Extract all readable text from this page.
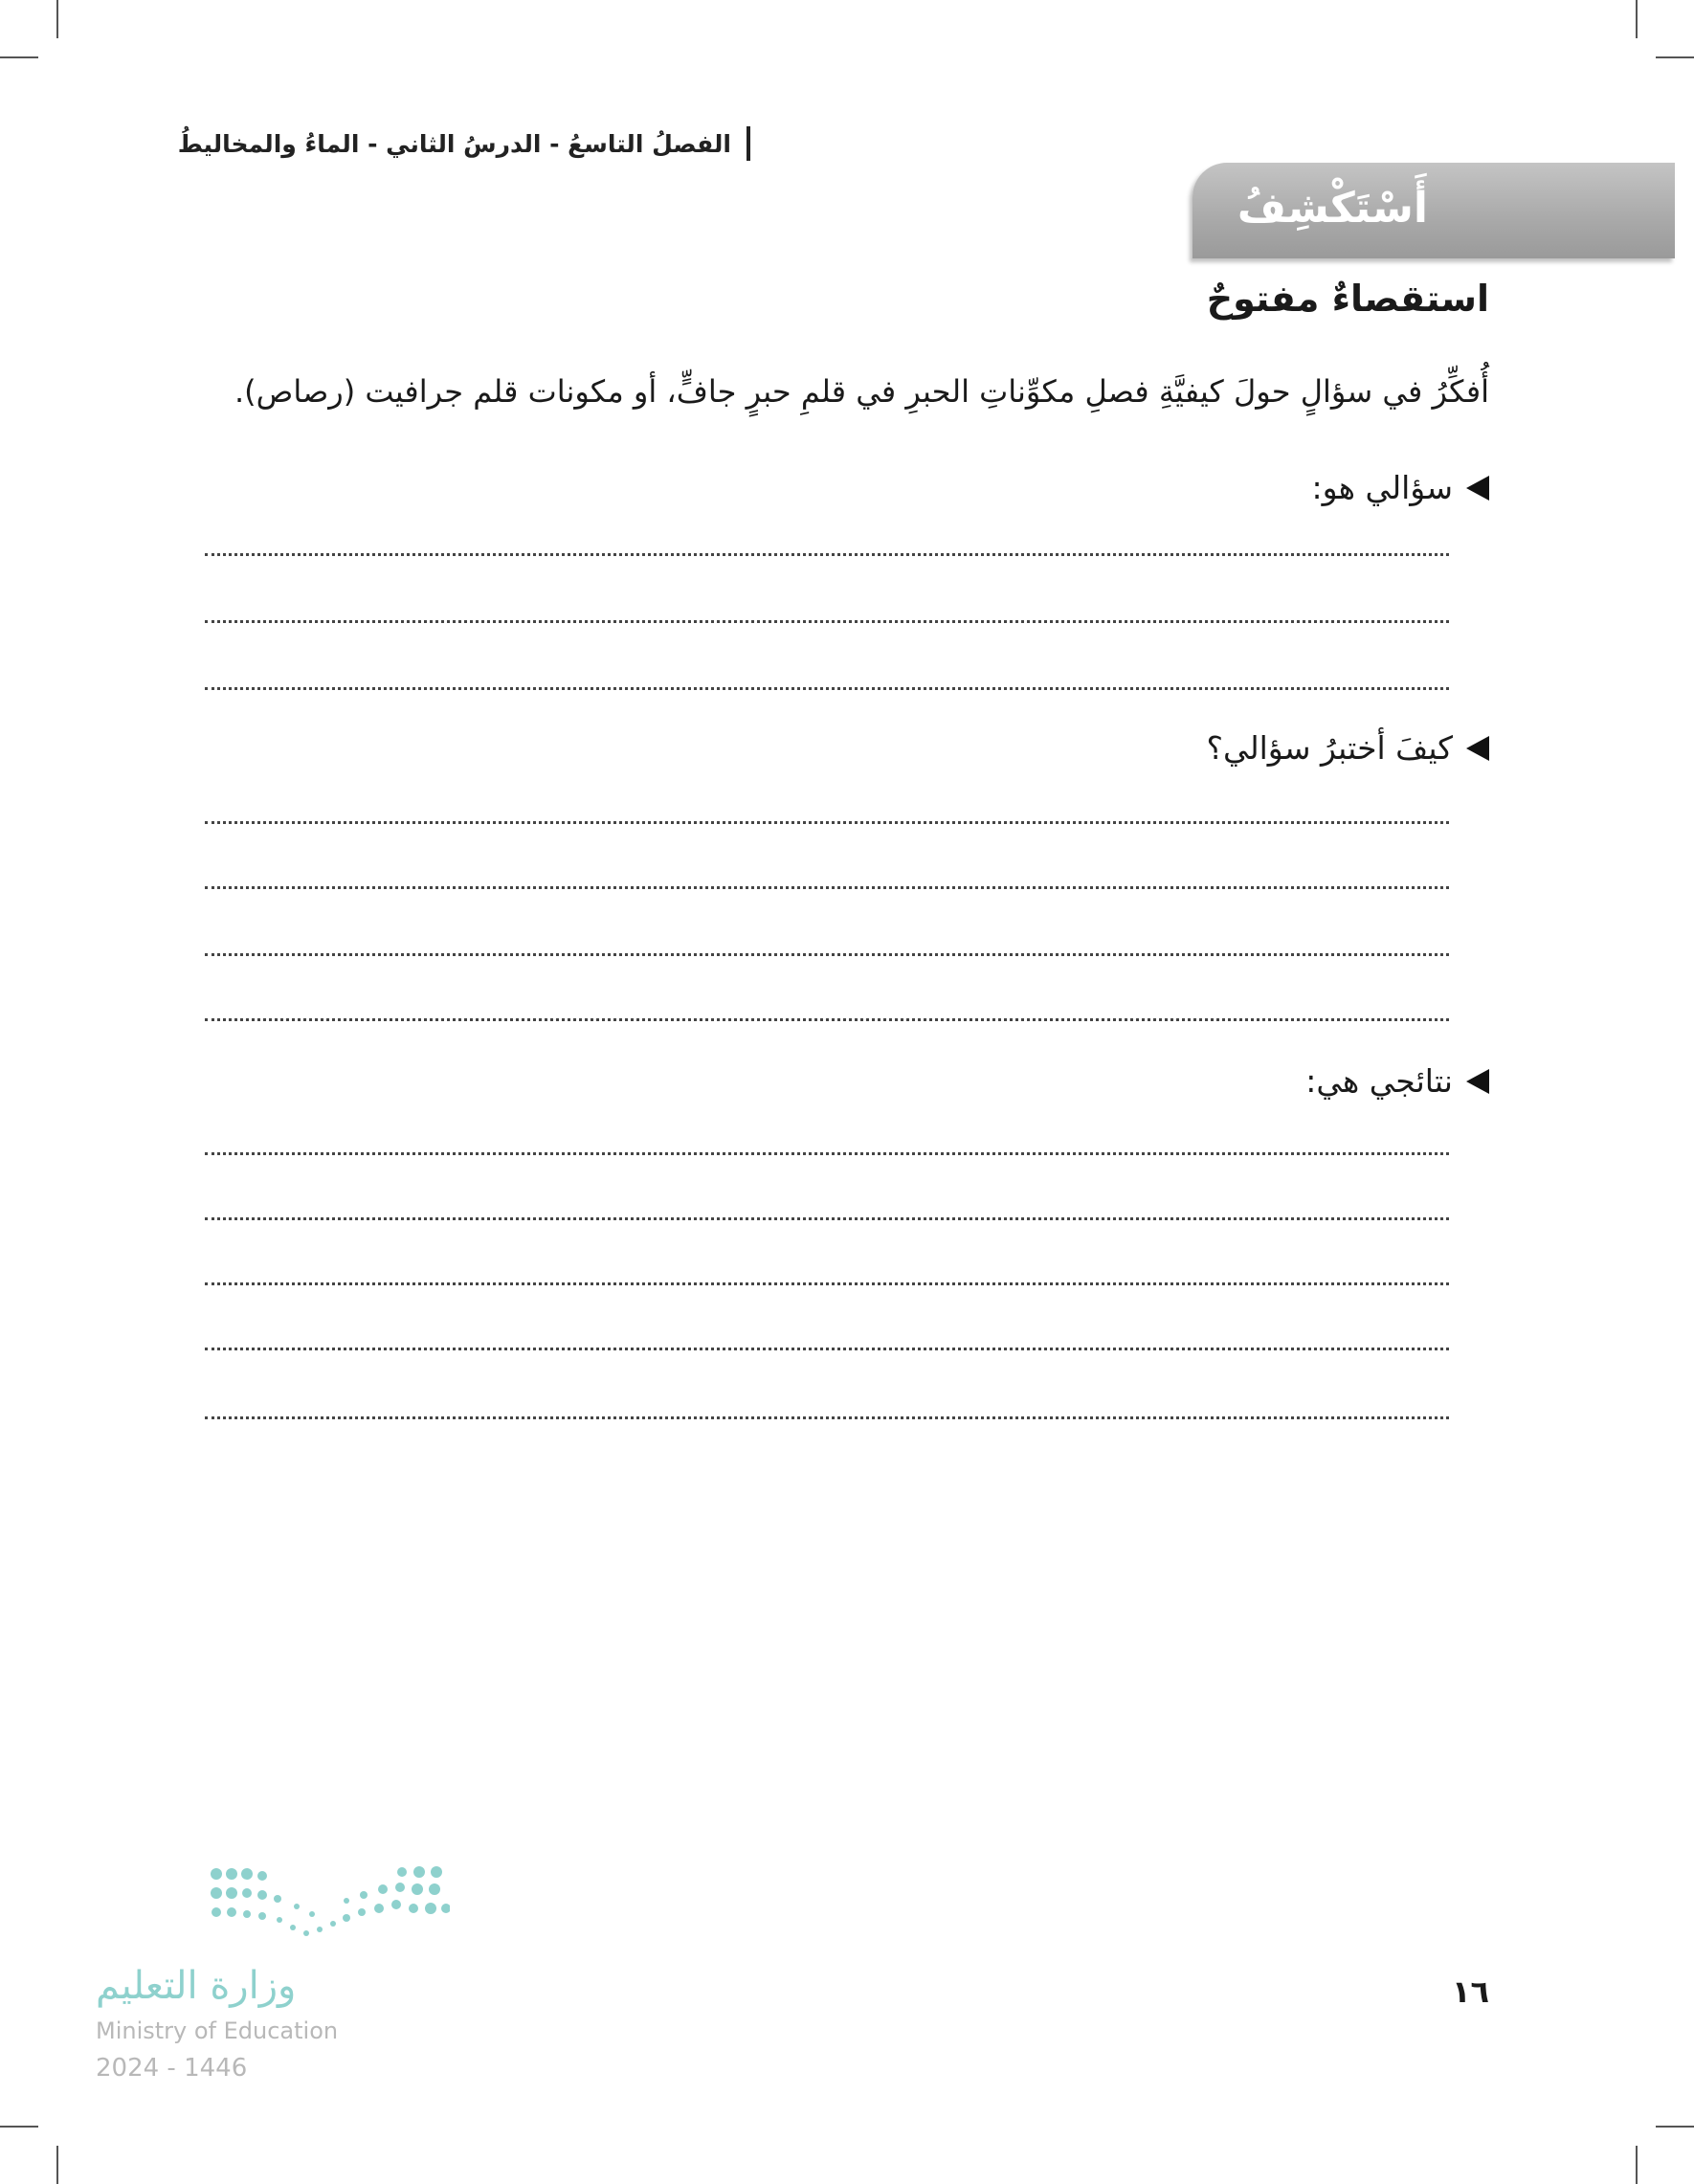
الفصلُ التاسعُ - الدرسُ الثاني - الماءُ والمخاليطُ
أَسْتَكْشِفُ
استقصاءٌ مفتوحٌ
أُفكِّرُ في سؤالٍ حولَ كيفيَّةِ فصلِ مكوِّناتِ الحبرِ في قلمِ حبرٍ جافٍّ، أو مكونات قلم جرافيت (رصاص).
سؤالي هو:
كيفَ أختبرُ سؤالي؟
نتائجي هي:
وزارة التعليم
Ministry of Education
2024 - 1446
١٦
